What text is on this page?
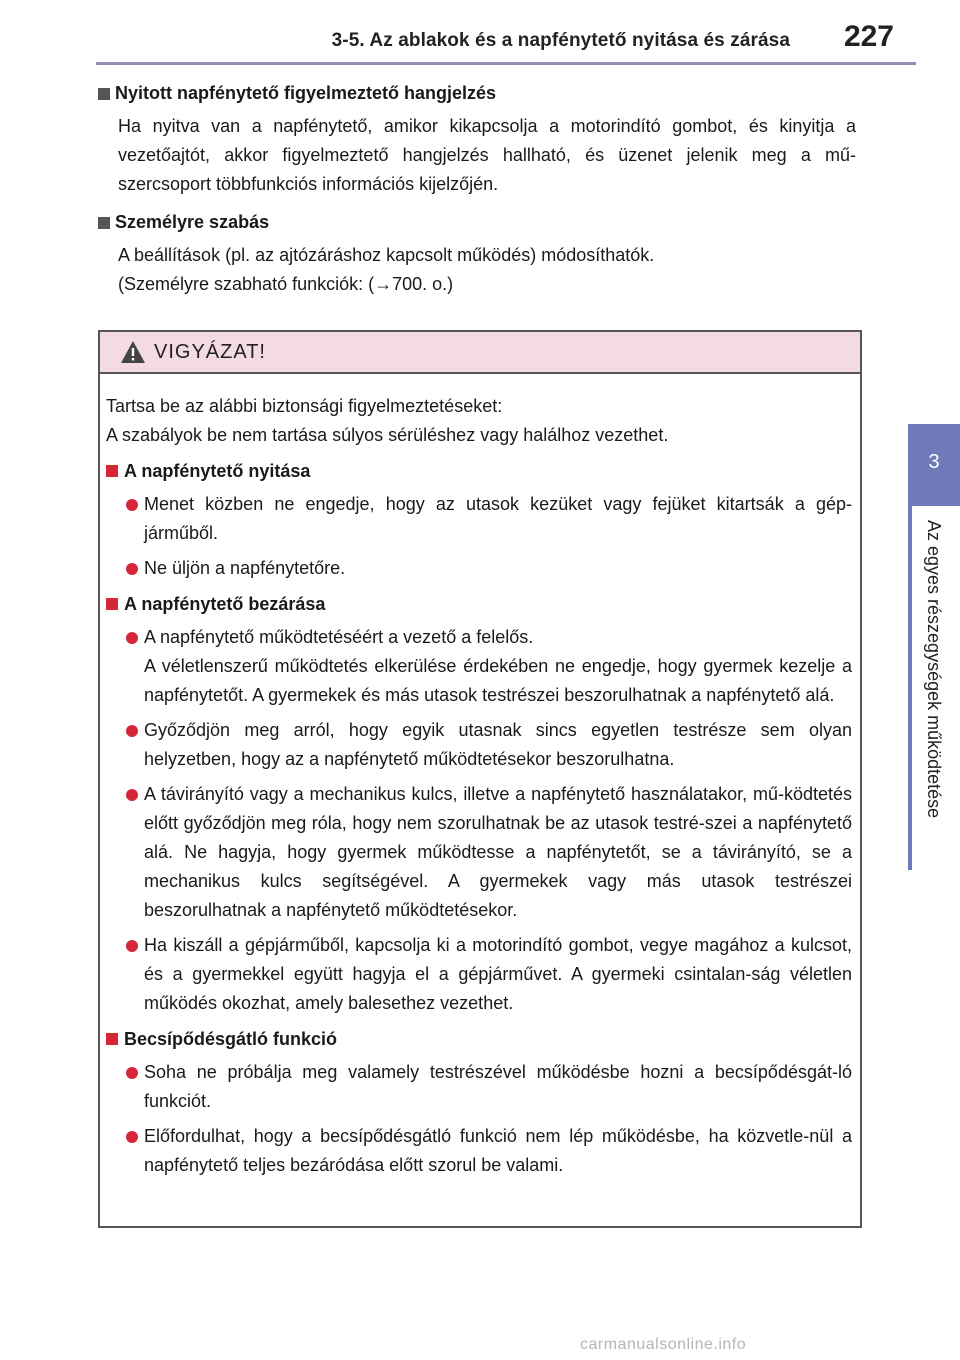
3-5. Az ablakok és a napfénytető nyitása és zárása 227
3
Az egyes részegységek működtetése
Nyitott napfénytető figyelmeztető hangjelzés

Ha nyitva van a napfénytető, amikor kikapcsolja a motorindító gombot, és kinyitja a vezetőajtót, akkor figyelmeztető hangjelzés hallható, és üzenet jelenik meg a mű-szercsoport többfunkciós információs kijelzőjén.

Személyre szabás

A beállítások (pl. az ajtózáráshoz kapcsolt működés) módosíthatók.

(Személyre szabható funkciók: (→700. o.)

VIGYÁZAT!
Tartsa be az alábbi biztonsági figyelmeztetéseket:
A szabályok be nem tartása súlyos sérüléshez vagy halálhoz vezethet.
A napfénytető nyitása
Menet közben ne engedje, hogy az utasok kezüket vagy fejüket kitartsák a gép-járműből.
Ne üljön a napfénytetőre.
A napfénytető bezárása
A napfénytető működtetéséért a vezető a felelős.
A véletlenszerű működtetés elkerülése érdekében ne engedje, hogy gyermek kezelje a napfénytetőt. A gyermekek és más utasok testrészei beszorulhatnak a napfénytető alá.
Győződjön meg arról, hogy egyik utasnak sincs egyetlen testrésze sem olyan helyzetben, hogy az a napfénytető működtetésekor beszorulhatna.
A távirányító vagy a mechanikus kulcs, illetve a napfénytető használatakor, mű-ködtetés előtt győződjön meg róla, hogy nem szorulhatnak be az utasok testré-szei a napfénytető alá. Ne hagyja, hogy gyermek működtesse a napfénytetőt, se a távirányító, se a mechanikus kulcs segítségével. A gyermekek vagy más utasok testrészei beszorulhatnak a napfénytető működtetésekor.
Ha kiszáll a gépjárműből, kapcsolja ki a motorindító gombot, vegye magához a kulcsot, és a gyermekkel együtt hagyja el a gépjárművet. A gyermeki csintalan-ság véletlen működés okozhat, amely balesethez vezethet.
Becsípődésgátló funkció
Soha ne próbálja meg valamely testrészével működésbe hozni a becsípődésgát-ló funkciót.
Előfordulhat, hogy a becsípődésgátló funkció nem lép működésbe, ha közvetle-nül a napfénytető teljes bezáródása előtt szorul be valami.
carmanualsonline.info
